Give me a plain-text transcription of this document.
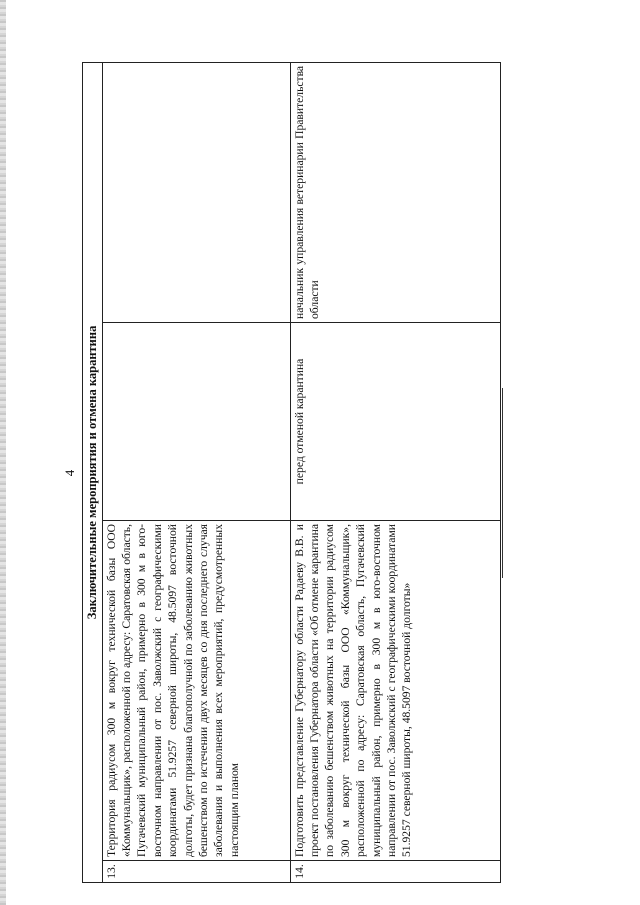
4 Заключительные мероприятия и отмена карантина			
13.	Территория радиусом 300 м вокруг технической базы ООО «Коммунальщик», расположенной по адресу: Саратовская область, Пугачевский муниципальный район, примерно в 300 м в юго-восточном направлении от пос. Заволжский с географическими координатами 51.9257 северной широты, 48.5097 восточной долготы, будет признана благополучной по заболеванию животных бешенством по истечении двух месяцев со дня последнего случая заболевания и выполнения всех мероприятий, предусмотренных настоящим планом		
14.	Подготовить представление Губернатору области Радаеву В.В. и проект постановления Губернатора области «Об отмене карантина по заболеванию бешенством животных на территории радиусом 300 м вокруг технической базы ООО «Коммунальщик», расположенной по адресу: Саратовская область, Пугачевский муниципальный район, примерно в 300 м в юго-восточном направлении от пос. Заволжский с географическими координатами 51.9257 северной широты, 48.5097 восточной долготы»	перед отменой карантина	начальник управления ветеринарии Правительства области
